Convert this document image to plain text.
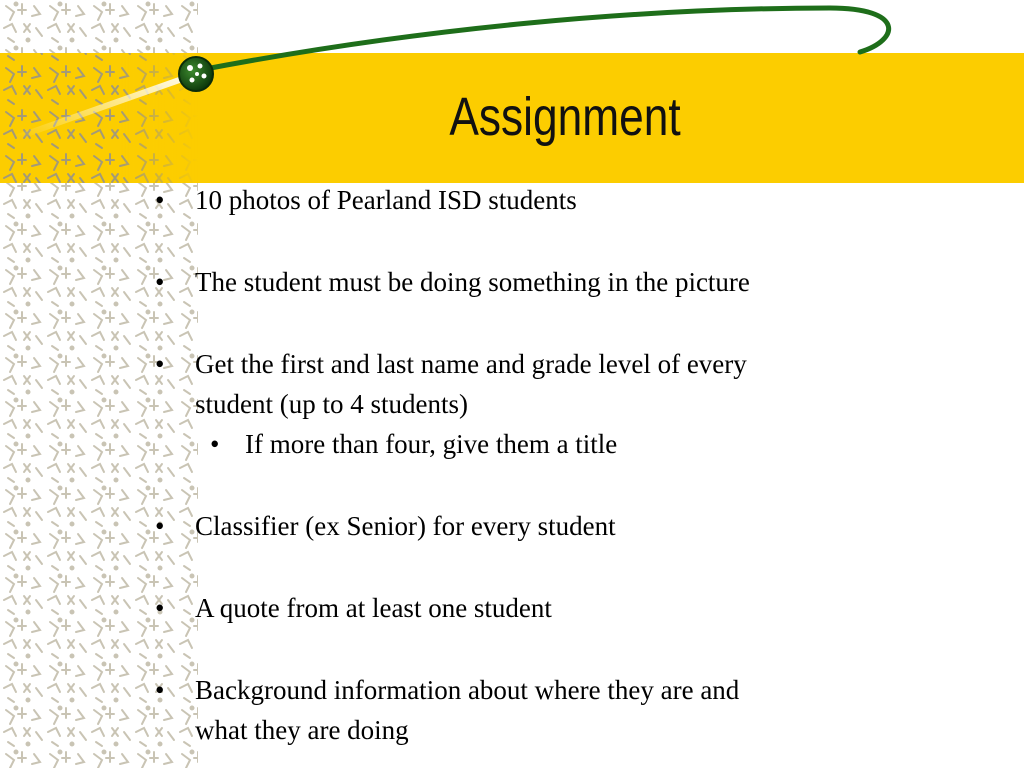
Assignment

• 10 photos of Pearland ISD students

• The student must be doing something in the picture

• Get the first and last name and grade level of every
student (up to 4 students)

• If more than four, give them a title

• Classifier (ex Senior) for every student

• A quote from at least one student

• Background information about where they are and
what they are doing
